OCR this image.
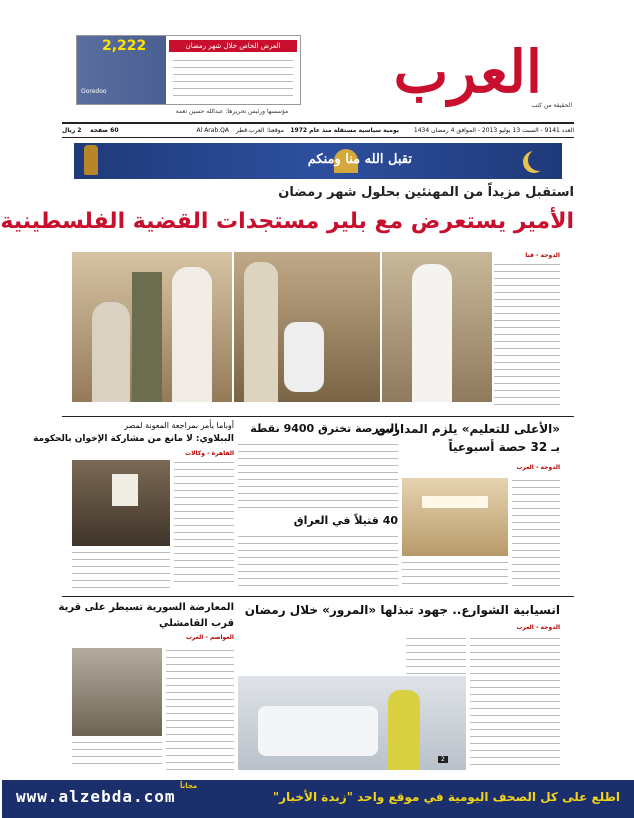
العرب
الحقيقة من كثب
2,222	العرض الخاص خلال شهر رمضان
Ooredoo
مؤسسها ورئيس تحريرها: عبدالله حسين نعمة
العدد 9141 - السبت 13 يوليو 2013 - الموافق 4 رمضان 1434
يومية سياسية مستقلة منذ عام 1972
موقعنا: العرب.قطر
Al Arab.QA
60 صفحة
2 ريال
تقبل الله منا ومنكم
استقبل مزيداً من المهنئين بحلول شهر رمضان
الأمير يستعرض مع بلير مستجدات القضية الفلسطينية
الدوحة - قنا
«الأعلى للتعليم» يلزم المدارس
بـ 32 حصة أسبوعياً
الدوحة - العرب
البورصة تخترق 9400 نقطة
40 قتيلاً في العراق
أوباما يأمر بمراجعة المعونة لمصر
الببلاوي: لا مانع من مشاركة الإخوان بالحكومة
القاهرة - وكالات
انسيابية الشوارع.. جهود تبذلها «المرور» خلال رمضان
الدوحة - العرب
2
المعارضة السورية تسيطر على قرية
قرب القامشلي
العواصم - العرب
اطلع على كل الصحف اليومية في موقع واحد "زبدة الأخبار"
www.alzebda.com
مجاناً
